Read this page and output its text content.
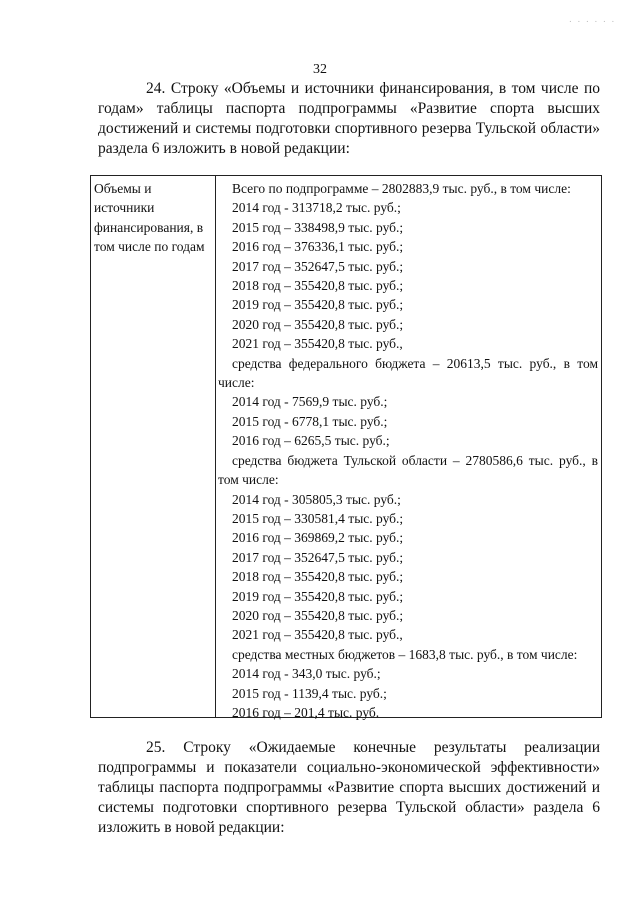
. . . . . .
32

24. Строку «Объемы и источники финансирования, в том числе по годам» таблицы паспорта подпрограммы «Развитие спорта высших достижений и системы подготовки спортивного резерва Тульской области» раздела 6 изложить в новой редакции:

Объемы и
источники
финансирования, в
том числе по годам
Всего по подпрограмме – 2802883,9 тыс. руб., в том числе:
2014 год - 313718,2 тыс. руб.;
2015 год – 338498,9 тыс. руб.;
2016 год – 376336,1 тыс. руб.;
2017 год – 352647,5 тыс. руб.;
2018 год – 355420,8 тыс. руб.;
2019 год – 355420,8 тыс. руб.;
2020 год – 355420,8 тыс. руб.;
2021 год – 355420,8 тыс. руб.,
средства федерального бюджета – 20613,5 тыс. руб., в том числе:
2014 год - 7569,9 тыс. руб.;
2015 год - 6778,1 тыс. руб.;
2016 год – 6265,5 тыс. руб.;
средства бюджета Тульской области – 2780586,6 тыс. руб., в том числе:
2014 год - 305805,3 тыс. руб.;
2015 год – 330581,4 тыс. руб.;
2016 год – 369869,2 тыс. руб.;
2017 год – 352647,5 тыс. руб.;
2018 год – 355420,8 тыс. руб.;
2019 год – 355420,8 тыс. руб.;
2020 год – 355420,8 тыс. руб.;
2021 год – 355420,8 тыс. руб.,
средства местных бюджетов – 1683,8 тыс. руб., в том числе:
2014 год - 343,0 тыс. руб.;
2015 год - 1139,4 тыс. руб.;
2016 год – 201,4 тыс. руб.

25. Строку «Ожидаемые конечные результаты реализации подпрограммы и показатели социально-экономической эффективности» таблицы паспорта подпрограммы «Развитие спорта высших достижений и системы подготовки спортивного резерва Тульской области» раздела 6 изложить в новой редакции:
